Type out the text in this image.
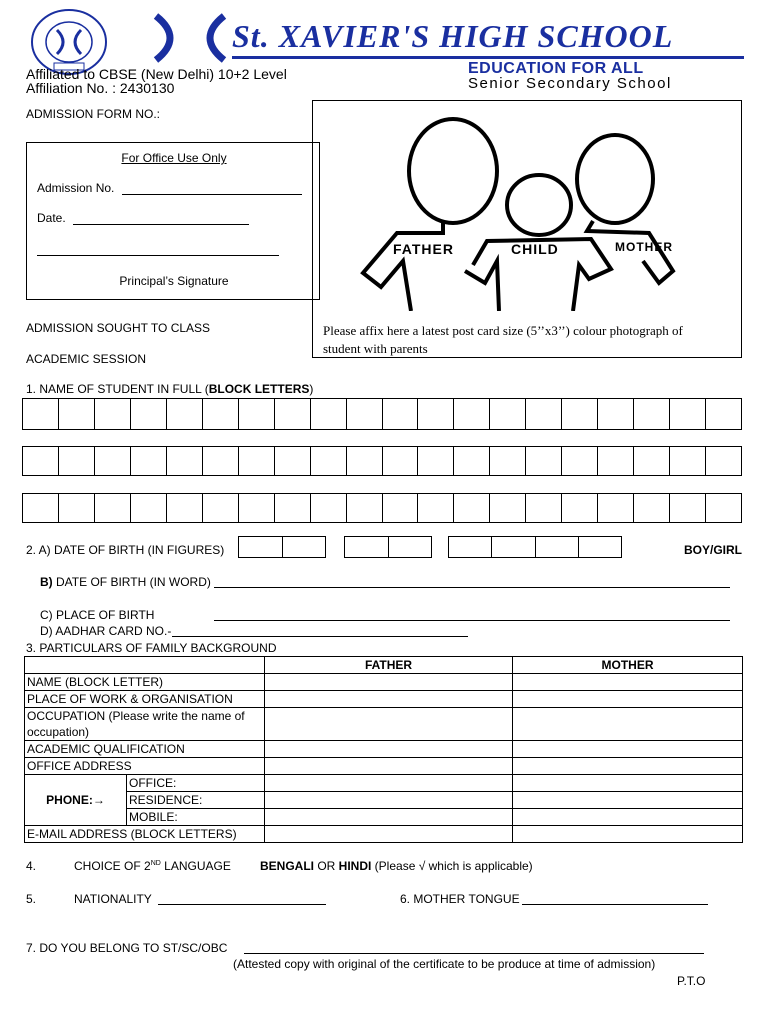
St. XAVIER'S HIGH SCHOOL
Affiliated to CBSE (New Delhi) 10+2 Level
Affiliation No. : 2430130
EDUCATION FOR ALL
Senior Secondary School
ADMISSION FORM NO.:
For Office Use Only
Admission No.
Date.
Principal’s Signature
FATHER	CHILD	MOTHER
Please affix here a latest post card size (5’’x3’’) colour photograph of
student with parents
ADMISSION SOUGHT TO CLASS
ACADEMIC SESSION
1. NAME OF STUDENT IN FULL (BLOCK LETTERS)
2. A) DATE OF BIRTH (IN FIGURES)	BOY/GIRL
B) DATE OF BIRTH (IN WORD)
C) PLACE OF BIRTH
D) AADHAR CARD NO.-
3. PARTICULARS OF FAMILY BACKGROUND
		FATHER	MOTHER
NAME (BLOCK LETTER)			
PLACE OF WORK & ORGANISATION			
OCCUPATION (Please write the name of occupation)			
ACADEMIC QUALIFICATION			
OFFICE ADDRESS			
PHONE:→	OFFICE:		
	RESIDENCE:		
	MOBILE:		
E-MAIL ADDRESS (BLOCK LETTERS)			
4.	CHOICE OF 2ND LANGUAGE BENGALI OR HINDI (Please √ which is applicable)
5.	NATIONALITY	6. MOTHER TONGUE
7. DO YOU BELONG TO ST/SC/OBC
(Attested copy with original of the certificate to be produce at time of admission)
P.T.O
